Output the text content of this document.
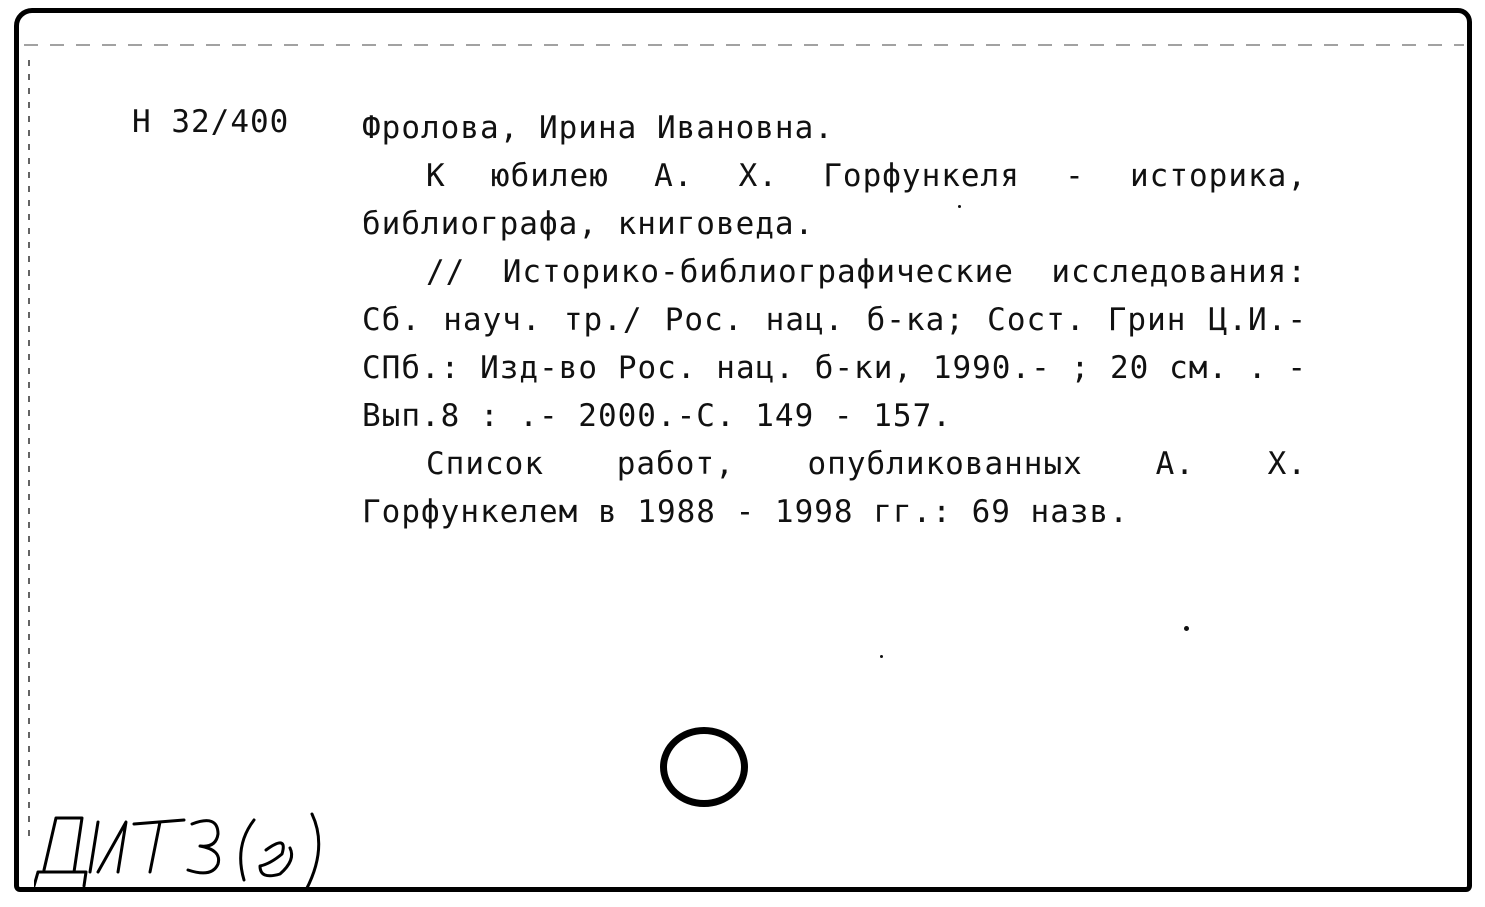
Н 32/400 Фролова, Ирина Ивановна.

К юбилею А. Х. Горфункеля - историка, библиографа, книговеда.

// Историко-библиографические исследования: Сб. науч. тр./ Рос. нац. б-ка; Сост. Грин Ц.И.- СПб.: Изд-во Рос. нац. б-ки, 1990.- ; 20 см. . - Вып.8 : .- 2000.-С. 149 - 157.

Список работ, опубликованных А. Х. Горфункелем в 1988 - 1998 гг.: 69 назв.
